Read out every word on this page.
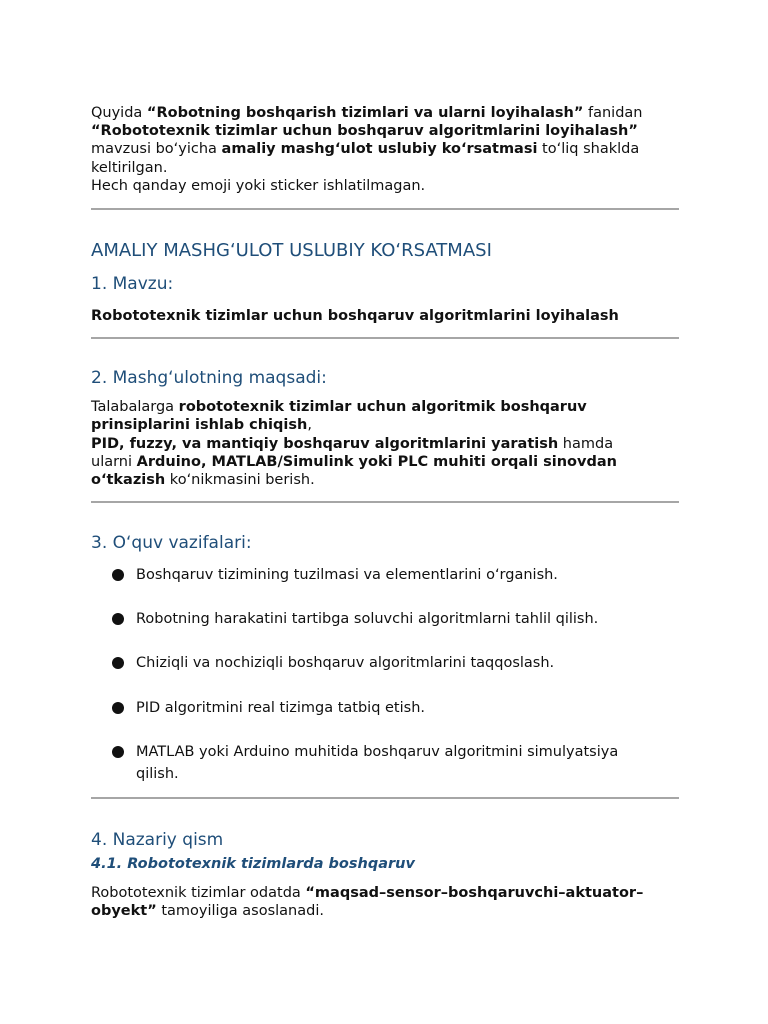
Quyida “Robotning boshqarish tizimlari va ularni loyihalash” fanidan

“Robototexnik tizimlar uchun boshqaruv algoritmlarini loyihalash”

mavzusi bo‘yicha amaliy mashg‘ulot uslubiy ko‘rsatmasi to‘liq shaklda

keltirilgan.

Hech qanday emoji yoki sticker ishlatilmagan.

AMALIY MASHG‘ULOT USLUBIY KO‘RSATMASI
1. Mavzu:

Robototexnik tizimlar uchun boshqaruv algoritmlarini loyihalash

2. Mashg‘ulotning maqsadi:

Talabalarga robototexnik tizimlar uchun algoritmik boshqaruv

prinsiplarini ishlab chiqish,

PID, fuzzy, va mantiqiy boshqaruv algoritmlarini yaratish hamda

ularni Arduino, MATLAB/Simulink yoki PLC muhiti orqali sinovdan

o‘tkazish ko‘nikmasini berish.

3. O‘quv vazifalari:
Boshqaruv tizimining tuzilmasi va elementlarini o‘rganish.
Robotning harakatini tartibga soluvchi algoritmlarni tahlil qilish.
Chiziqli va nochiziqli boshqaruv algoritmlarini taqqoslash.
PID algoritmini real tizimga tatbiq etish.
MATLAB yoki Arduino muhitida boshqaruv algoritmini simulyatsiya
qilish.
4. Nazariy qism
4.1. Robototexnik tizimlarda boshqaruv

Robototexnik tizimlar odatda “maqsad–sensor–boshqaruvchi–aktuator–

obyekt” tamoyiliga asoslanadi.
